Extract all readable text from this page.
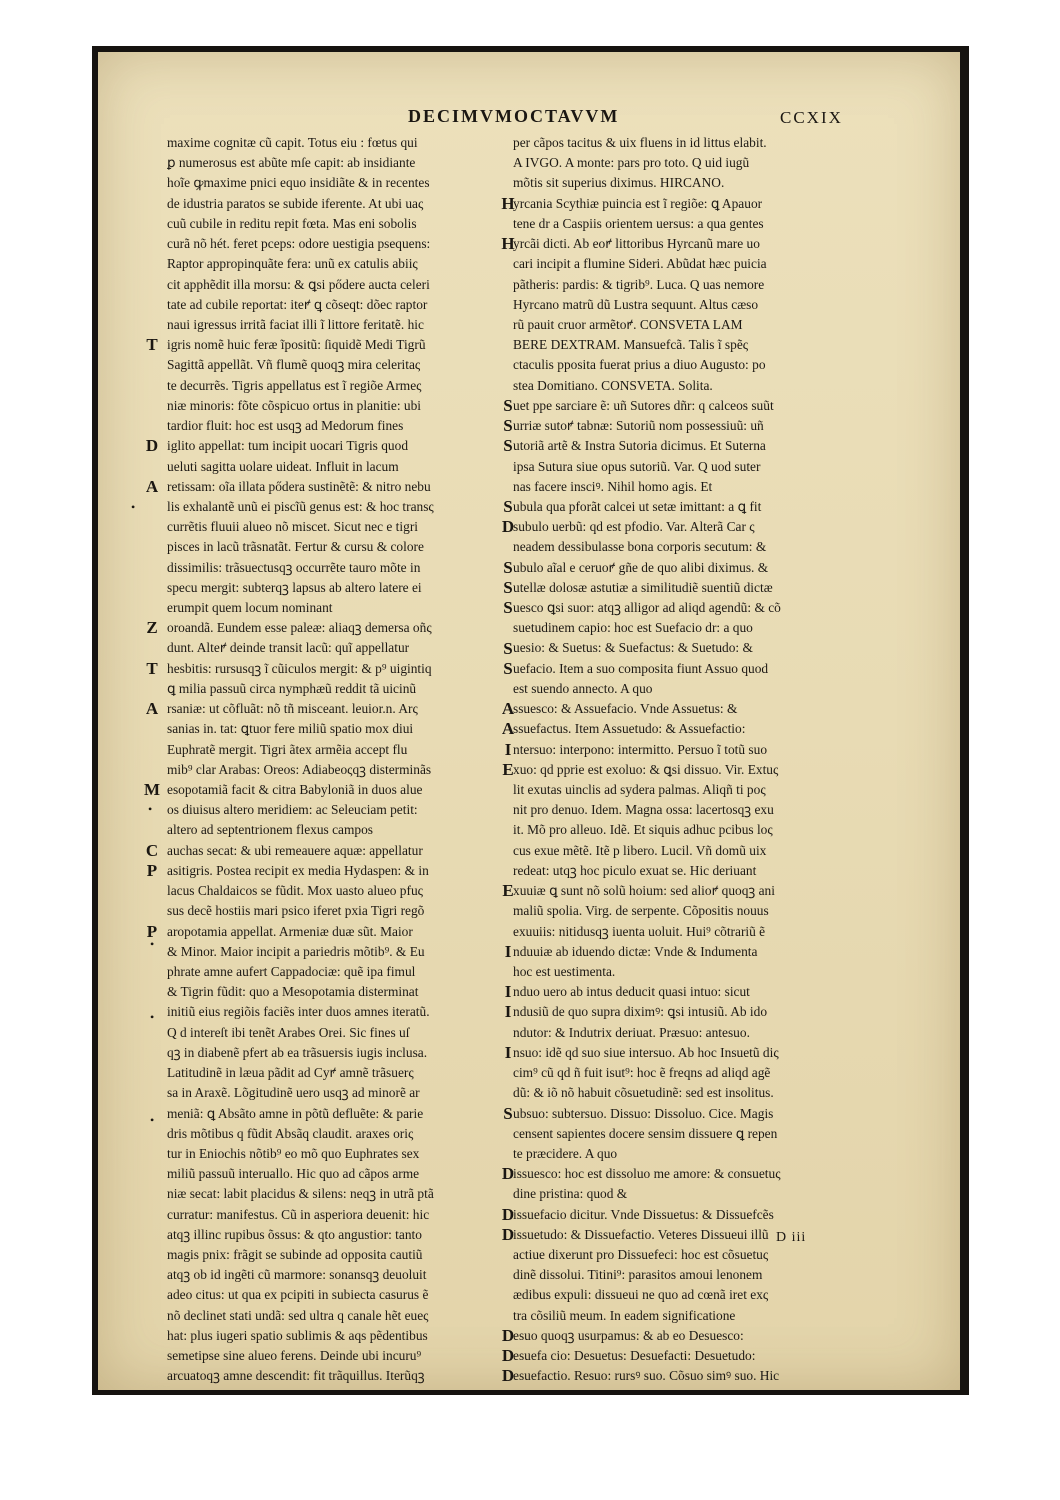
DECIMVMOCTAVVM	CCXIX
maxime cognitæ cũ capit. Totus eiu : fœtus qui
ꝑ numerosus est abũte mſe capit: ab insidiante
hoĩe ꝙmaxime pnici equo insidiãte & in recentes
de idustria paratos se subide iferente. At ubi uaς
cuũ cubile in reditu repit fœta. Mas eni sobolis
curã nõ hét. feret pceps: odore uestigia psequens:
Raptor appropinquãte fera: unũ ex catulis abiiς
cit apphẽdit illa morsu: & ꝗsi pődere aucta celeri
tate ad cubile reportat: iteꝵ ꝗ cõseqt: dõec raptor
naui igressus irritã faciat illi ĩ littore feritatẽ. hic
igris nomẽ huic feræ ĩpositũ: ſiquidẽ Medi Tigrũ
Sagittã appellãt. Vñ flumẽ quoqꝫ mira celeritaς
te decurrẽs. Tigris appellatus est ĩ regiõe Armeς
niæ minoris: fõte cõspicuo ortus in planitie: ubi
tardior fluit: hoc est usqꝫ ad Medorum fines
iglito appellat: tum incipit uocari Tigris quod
ueluti sagitta uolare uideat. Influit in lacum
retissam: oĩa illata pődera sustinẽtẽ: & nitro nebu
lis exhalantẽ unũ ei piscĩũ genus est: & hoc transς
currẽtis fluuii alueo nõ miscet. Sicut nec e tigri
pisces in lacũ trãsnatãt. Fertur & cursu & colore
dissimilis: trãsuectusqꝫ occurrẽte tauro mõte in
specu mergit: subterqꝫ lapsus ab altero latere ei
erumpit quem locum nominant
oroandã. Eundem esse paleæ: aliaqꝫ demersa oñς
dunt. Alteꝵ deinde transit lacũ: quĩ appellatur
hesbitis: rursusqꝫ ĩ cũiculos mergit: & p⁹ uigintiq
ꝗ milia passuũ circa nymphæũ reddit tã uicinũ
rsaniæ: ut cõfluãt: nõ tñ misceant. leuior.n. Arς
sanias in. tat: ꝗtuor fere miliũ spatio mox diui
Euphratẽ mergit. Tigri ãtex armẽia accept flu
mib⁹ clar Arabas: Oreos: Adiabeoςqꝫ disterminãs
esopotamiã facit & citra Babyloniã in duos alue
os diuisus altero meridiem: ac Seleuciam petit:
altero ad septentrionem flexus campos
auchas secat: & ubi remeauere aquæ: appellatur
asitigris. Postea recipit ex media Hydaspen: & in
lacus Chaldaicos se fũdit. Mox uasto alueo pfuς
sus decẽ hostiis mari psico iferet pxia Tigri regõ
aropotamia appellat. Armeniæ duæ sũt. Maior
& Minor. Maior incipit a pariedris mõtib⁹. & Eu
phrate amne aufert Cappadociæ: quẽ ipa fimul
& Tigrin fũdit: quo a Mesopotamia disterminat
initiũ eius regiõis faciẽs inter duos amnes iteratũ.
Q d intereſt ibi tenẽt Arabes Orei. Sic fines uſ
qꝫ in diabenẽ pfert ab ea trãsuersis iugis inclusa.
Latitudinẽ in læua pãdit ad Cyꝵ amnẽ trãsuerς
sa in Araxẽ. Lõgitudinẽ uero usqꝫ ad minorẽ ar
meniã: ꝗ Absãto amne in põtũ defluẽte: & parie
dris mõtibus q fũdit Absãq claudit. araxes oriς
tur in Eniochis nõtib⁹ eo mõ quo Euphrates sex
miliũ passuũ interuallo. Hic quo ad cãpos arme
niæ secat: labit placidus & silens: neqꝫ in utrã ptã
curratur: manifestus. Cũ in asperiora deuenit: hic
atqꝫ illinc rupibus õssus: & qto angustior: tanto
magis pnix: frãgit se subinde ad opposita cautiũ
atqꝫ ob id ingẽti cũ marmore: sonansqꝫ deuoluit
adeo citus: ut qua ex pcipiti in subiecta casurus ẽ
nõ declinet stati undã: sed ultra q canale hẽt eueς
hat: plus iugeri spatio sublimis & aqs pẽdentibus
semetipse sine alueo ferens. Deinde ubi incuru⁹
arcuatoqꝫ amne descendit: fit trãquillus. Iterũqꝫ
per cãpos tacitus & uix fluens in id littus elabit.
A IVGO. A monte: pars pro toto. Q uid iugũ
mõtis sit superius diximus. HIRCANO.
yrcania Scythiæ puincia est ĩ regiõe: ꝗ Apauor
tene dr a Caspiis orientem uersus: a qua gentes
yrcãi dicti. Ab eoꝵ littoribus Hyrcanũ mare uo
cari incipit a flumine Sideri. Abũdat hæc puicia
pãtheris: pardis: & tigrib⁹. Luca. Q uas nemore
Hyrcano matrũ dũ Lustra sequunt. Altus cæso
rũ pauit cruor armẽtoꝵ. CONSVETA LAM
BERE DEXTRAM. Mansuefcã. Talis ĩ spẽς
ctaculis pposita fuerat prius a diuo Augusto: po
stea Domitiano. CONSVETA. Solita.
uet ppe sarciare ẽ: uñ Sutores dñr: q calceos suũt
urriæ sutoꝵ tabnæ: Sutoriũ nom possessiuũ: uñ
utoriã artẽ & Instra Sutoria dicimus. Et Suterna
ipsa Sutura siue opus sutoriũ. Var. Q uod suter
nas facere insciꝰ. Nihil homo agis. Et
ubula qua pforãt calcei ut setæ imittant: a ꝗ fit
subulo uerbũ: qd est pfodio. Var. Alterã Car ς
neadem dessibulasse bona corporis secutum: &
ubulo aĩal e ceruoꝵ gñe de quo alibi diximus. &
utellæ dolosæ astutiæ a similitudiẽ suentiũ dictæ
uesco ꝗsi suor: atqꝫ alligor ad aliqd agendũ: & cõ
suetudinem capio: hoc est Suefacio dr: a quo
uesio: & Suetus: & Suefactus: & Suetudo: &
uefacio. Item a suo composita fiunt Assuo quod
est suendo annecto. A quo
ssuesco: & Assuefacio. Vnde Assuetus: &
ssuefactus. Item Assuetudo: & Assuefactio:
ntersuo: interpono: intermitto. Persuo ĩ totũ suo
xuo: qd pprie est exoluo: & ꝗsi dissuo. Vir. Extuς
lit exutas uinclis ad sydera palmas. Aliqñ ti poς
nit pro denuo. Idem. Magna ossa: lacertosqꝫ exu
it. Mõ pro alleuo. Idẽ. Et siquis adhuc pcibus loς
cus exue mẽtẽ. Itẽ p libero. Lucil. Vñ domũ uix
redeat: utqꝫ hoc piculo exuat se. Hic deriuant
xuuiæ ꝗ sunt nõ solũ hoium: sed alioꝵ quoqꝫ ani
maliũ spolia. Virg. de serpente. Cõpositis nouus
exuuiis: nitidusqꝫ iuenta uoluit. Hui⁹ cõtrariũ ẽ
nduuiæ ab iduendo dictæ: Vnde & Indumenta
hoc est uestimenta.
nduo uero ab intus deducit quasi intuo: sicut
ndusiũ de quo supra diximꝰ: ꝗsi intusiũ. Ab ido
ndutor: & Indutrix deriuat. Præsuo: antesuo.
nsuo: idẽ qd suo siue intersuo. Ab hoc Insuetũ diς
cim⁹ cũ qd ñ fuit isut⁹: hoc ẽ freqns ad aliqd agẽ
dũ: & iõ nõ habuit cõsuetudinẽ: sed est insolitus.
ubsuo: subtersuo. Dissuo: Dissoluo. Cice. Magis
censent sapientes docere sensim dissuere ꝗ repen
te præcidere. A quo
issuesco: hoc est dissoluo me amore: & consuetuς
dine pristina: quod &
issuefacio dicitur. Vnde Dissuetus: & Dissuefcẽs
issuetudo: & Dissuefactio. Veteres Dissueui illũ
actiue dixerunt pro Dissuefeci: hoc est cõsuetuς
dinẽ dissolui. Titini⁹: parasitos amoui lenonem
ædibus expuli: dissueui ne quo ad cœnã iret exς
tra cõsiliũ meum. In eadem significatione
esuo quoqꝫ usurpamus: & ab eo Desuesco:
esuefa cio: Desuetus: Desuefacti: Desuetudo:
esuefactio. Resuo: rursꝰ suo. Cõsuo simꝰ suo. Hic
T
D
A
Z
T
A
M
C
P
P
H
H
S
S
S
S
D
S
S
S
S
S
A
A
I
E
E
I
I
I
I
S
D
D
D
D
D
D
•
•
•
•
•
D iii
